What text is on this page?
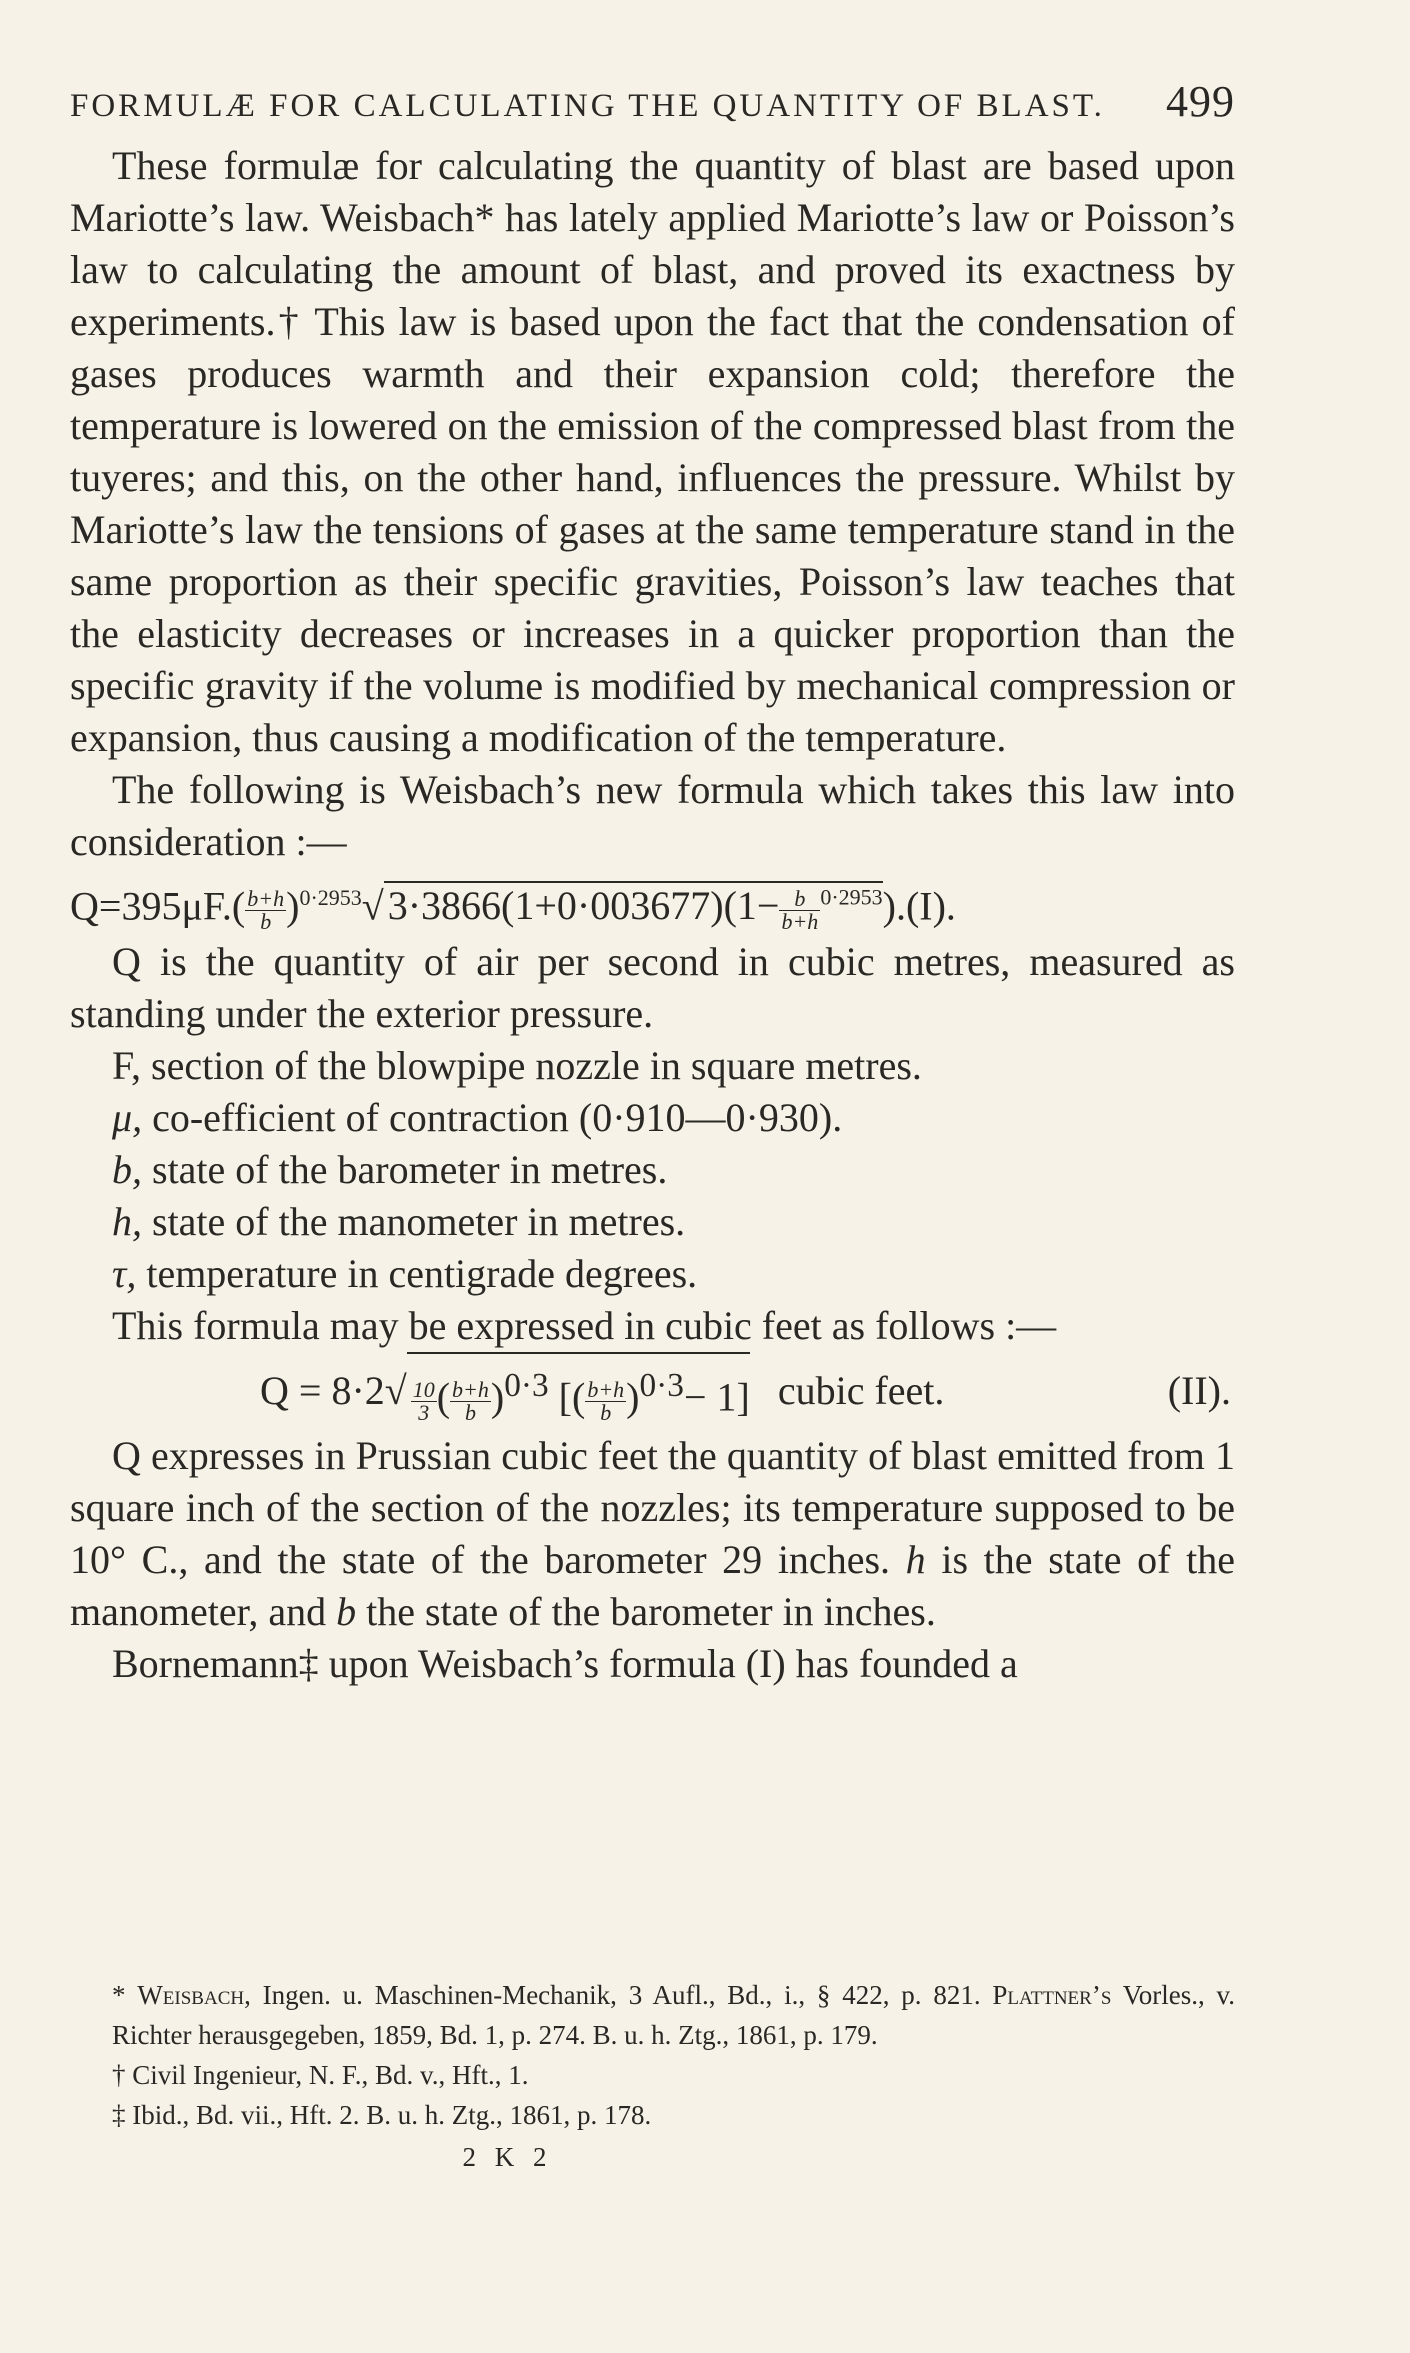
FORMULÆ FOR CALCULATING THE QUANTITY OF BLAST. 499

These formulæ for calculating the quantity of blast are based upon Mariotte’s law. Weisbach* has lately applied Mariotte’s law or Poisson’s law to calculating the amount of blast, and proved its exactness by experiments.† This law is based upon the fact that the condensation of gases produces warmth and their expansion cold; therefore the temperature is lowered on the emission of the compressed blast from the tuyeres; and this, on the other hand, influences the pressure. Whilst by Mariotte’s law the tensions of gases at the same temperature stand in the same proportion as their specific gravities, Poisson’s law teaches that the elasticity decreases or increases in a quicker proportion than the specific gravity if the volume is modified by mechanical compression or expansion, thus causing a modification of the temperature.

The following is Weisbach’s new formula which takes this law into consideration :—

$Q=395\mu F.( \frac{b+h}{b} )^{0\cdot 2953}√$ $3\cdot 3866(1+0\cdot 003677)(1- \frac{b}{b+h} ^{0\cdot 2953}).(I)$.

Q is the quantity of air per second in cubic metres, measured as standing under the exterior pressure.

F, section of the blowpipe nozzle in square metres.
μ, co-efficient of contraction (0·910—0·930).
b, state of the barometer in metres.
h, state of the manometer in metres.
τ, temperature in centigrade degrees.
This formula may be expressed in cubic feet as follows :—
Q = 8·2 √ $\frac{10}{3}$ ( $\frac{b+h}{b} )^{0\cdot 3}$ [( $\frac{b+h}{b} )^{0\cdot 3}- 1$] cubic feet.	(II).

Q expresses in Prussian cubic feet the quantity of blast emitted from 1 square inch of the section of the nozzles; its temperature supposed to be 10° C., and the state of the barometer 29 inches. h is the state of the manometer, and b the state of the barometer in inches.

Bornemann‡ upon Weisbach’s formula (I) has founded a

* Weisbach, Ingen. u. Maschinen-Mechanik, 3 Aufl., Bd., i., § 422, p. 821. Plattner’s Vorles., v. Richter herausgegeben, 1859, Bd. 1, p. 274. B. u. h. Ztg., 1861, p. 179.
† Civil Ingenieur, N. F., Bd. v., Hft., 1.
‡ Ibid., Bd. vii., Hft. 2. B. u. h. Ztg., 1861, p. 178.
2 K 2
